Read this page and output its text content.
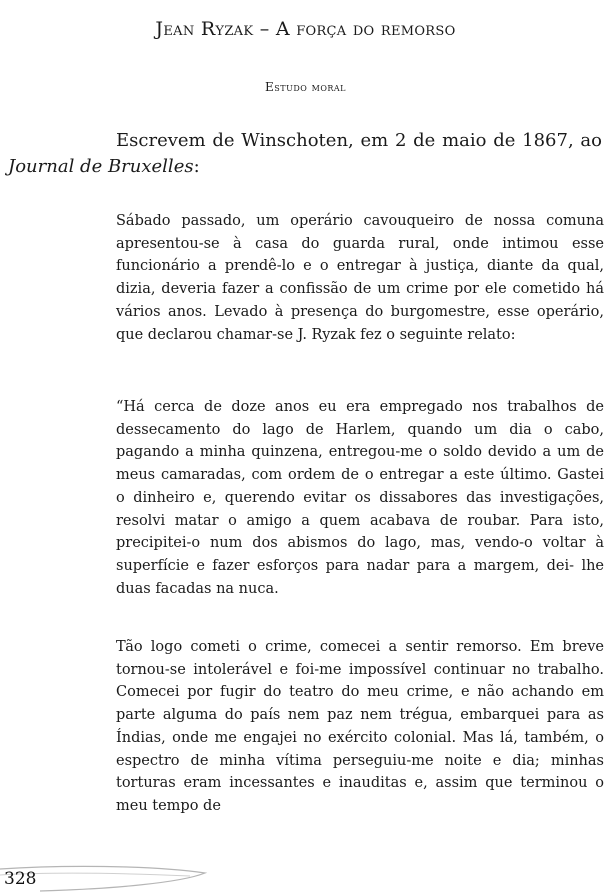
Jean Ryzak – A força do remorso
Estudo moral
Escrevem de Winschoten, em 2 de maio de 1867, ao
Journal de Bruxelles:

Sábado passado, um operário cavouqueiro de nossa comuna apresentou-se à casa do guarda rural, onde intimou esse funcionário a prendê-lo e o entregar à justiça, diante da qual, dizia, deveria fazer a confissão de um crime por ele cometido há vários anos. Levado à presença do burgomestre, esse operário, que declarou chamar-se J. Ryzak fez o seguinte relato:

“Há cerca de doze anos eu era empregado nos trabalhos de dessecamento do lago de Harlem, quando um dia o cabo, pagando a minha quinzena, entregou-me o soldo devido a um de meus camaradas, com ordem de o entregar a este último. Gastei o dinheiro e, querendo evitar os dissabores das investigações, resolvi matar o amigo a quem acabava de roubar. Para isto, precipitei-o num dos abismos do lago, mas, vendo-o voltar à superfície e fazer esforços para nadar para a margem, dei- lhe duas facadas na nuca.

Tão logo cometi o crime, comecei a sentir remorso. Em breve tornou-se intolerável e foi-me impossível continuar no trabalho. Comecei por fugir do teatro do meu crime, e não achando em parte alguma do país nem paz nem trégua, embarquei para as Índias, onde me engajei no exército colonial. Mas lá, também, o espectro de minha vítima perseguiu-me noite e dia; minhas torturas eram incessantes e inauditas e, assim que terminou o meu tempo de

328
